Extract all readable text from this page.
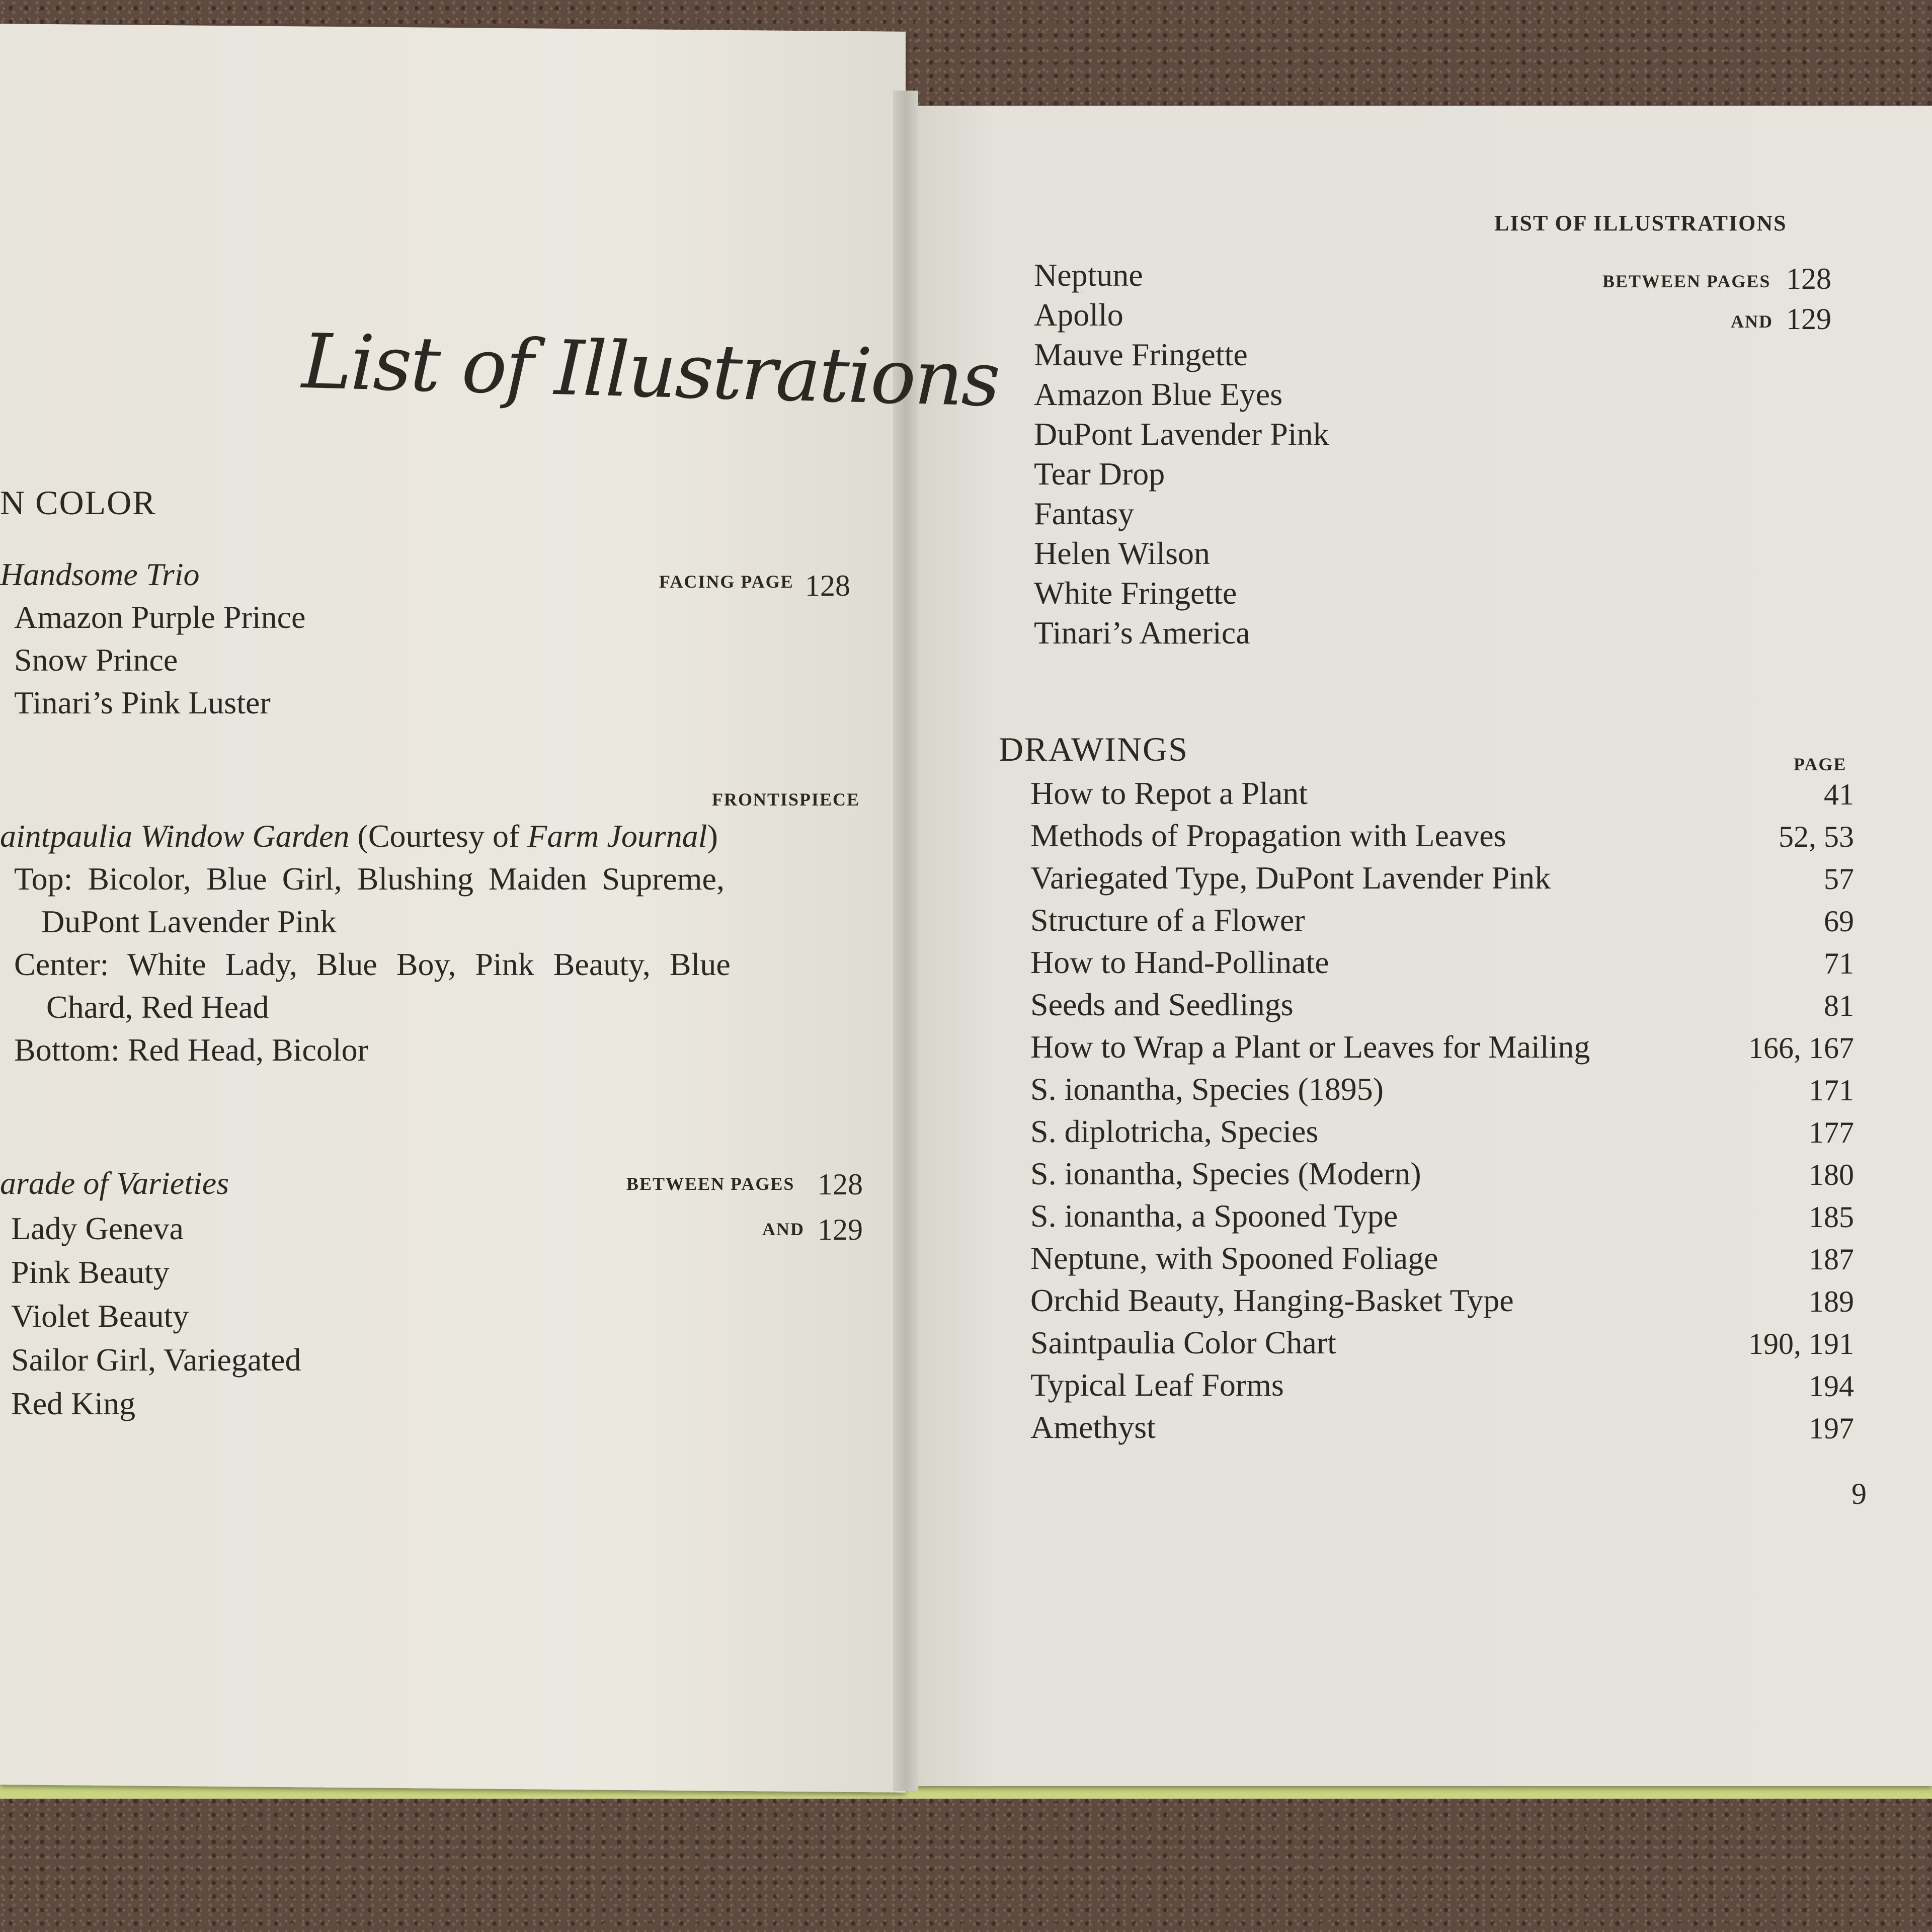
List of Illustrations
N COLOR
Handsome Trio	FACING PAGE 128
Amazon Purple Prince
Snow Prince
Tinari’s Pink Luster
FRONTISPIECE
aintpaulia Window Garden (Courtesy of Farm Journal)
Top: Bicolor, Blue Girl, Blushing Maiden Supreme,
DuPont Lavender Pink
Center: White Lady, Blue Boy, Pink Beauty, Blue
Chard, Red Head
Bottom: Red Head, Bicolor
arade of Varieties	BETWEEN PAGES 128
AND 129
Lady Geneva
Pink Beauty
Violet Beauty
Sailor Girl, Variegated
Red King
LIST OF ILLUSTRATIONS
BETWEEN PAGES 128
AND 129
Neptune
Apollo
Mauve Fringette
Amazon Blue Eyes
DuPont Lavender Pink
Tear Drop
Fantasy
Helen Wilson
White Fringette
Tinari’s America
DRAWINGS	PAGE
How to Repot a Plant	41
Methods of Propagation with Leaves	52, 53
Variegated Type, DuPont Lavender Pink	57
Structure of a Flower	69
How to Hand-Pollinate	71
Seeds and Seedlings	81
How to Wrap a Plant or Leaves for Mailing	166, 167
S. ionantha, Species (1895)	171
S. diplotricha, Species	177
S. ionantha, Species (Modern)	180
S. ionantha, a Spooned Type	185
Neptune, with Spooned Foliage	187
Orchid Beauty, Hanging-Basket Type	189
Saintpaulia Color Chart	190, 191
Typical Leaf Forms	194
Amethyst	197
9
